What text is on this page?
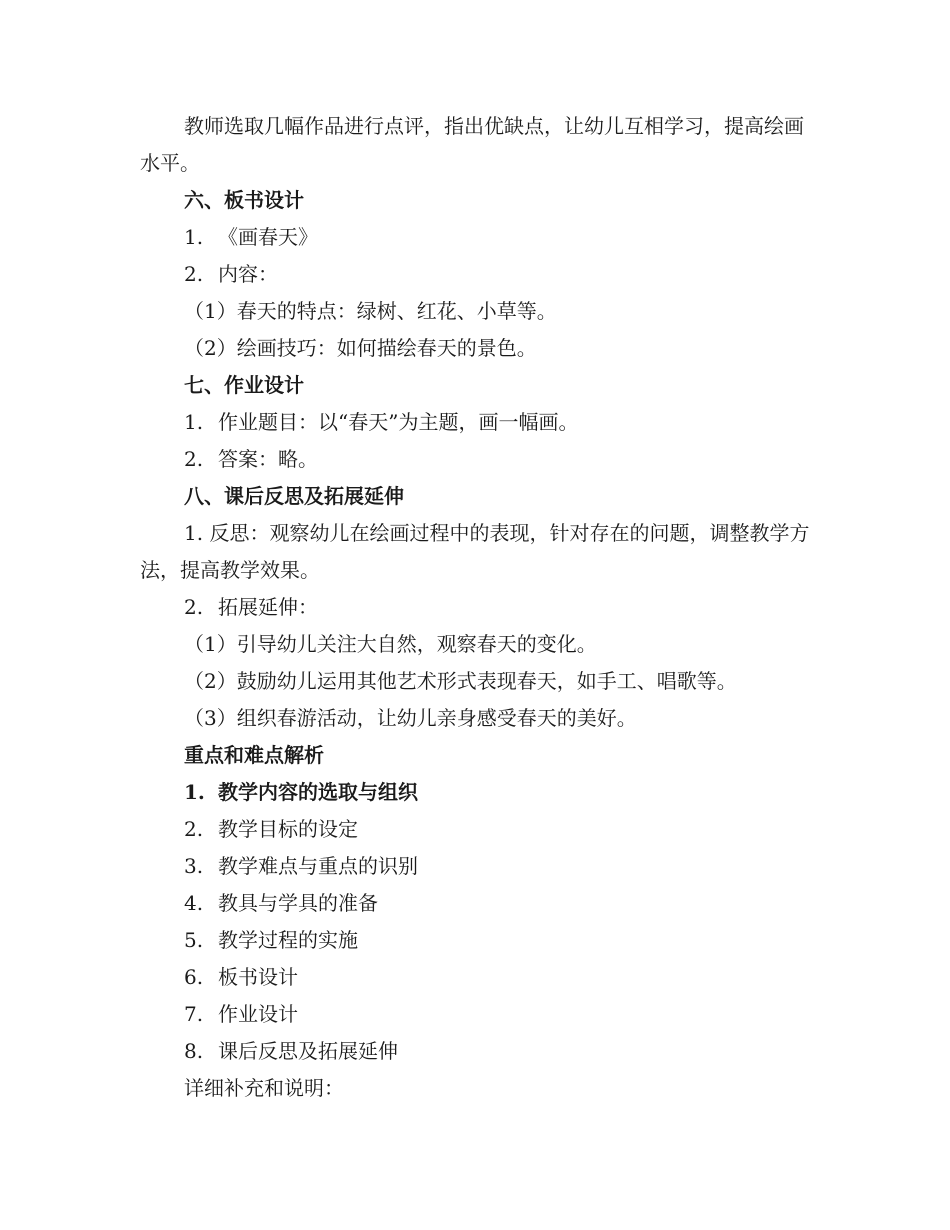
教师选取几幅作品进行点评，指出优缺点，让幼儿互相学习，提高绘画水平。

六、板书设计

1. 《画春天》

2. 内容：

（1）春天的特点：绿树、红花、小草等。

（2）绘画技巧：如何描绘春天的景色。

七、作业设计

1. 作业题目：以“春天”为主题，画一幅画。

2. 答案：略。

八、课后反思及拓展延伸

1. 反思：观察幼儿在绘画过程中的表现，针对存在的问题，调整教学方法，提高教学效果。

2. 拓展延伸：

（1）引导幼儿关注大自然，观察春天的变化。

（2）鼓励幼儿运用其他艺术形式表现春天，如手工、唱歌等。

（3）组织春游活动，让幼儿亲身感受春天的美好。

重点和难点解析

1. 教学内容的选取与组织

2. 教学目标的设定

3. 教学难点与重点的识别

4. 教具与学具的准备

5. 教学过程的实施

6. 板书设计

7. 作业设计

8. 课后反思及拓展延伸

详细补充和说明：
